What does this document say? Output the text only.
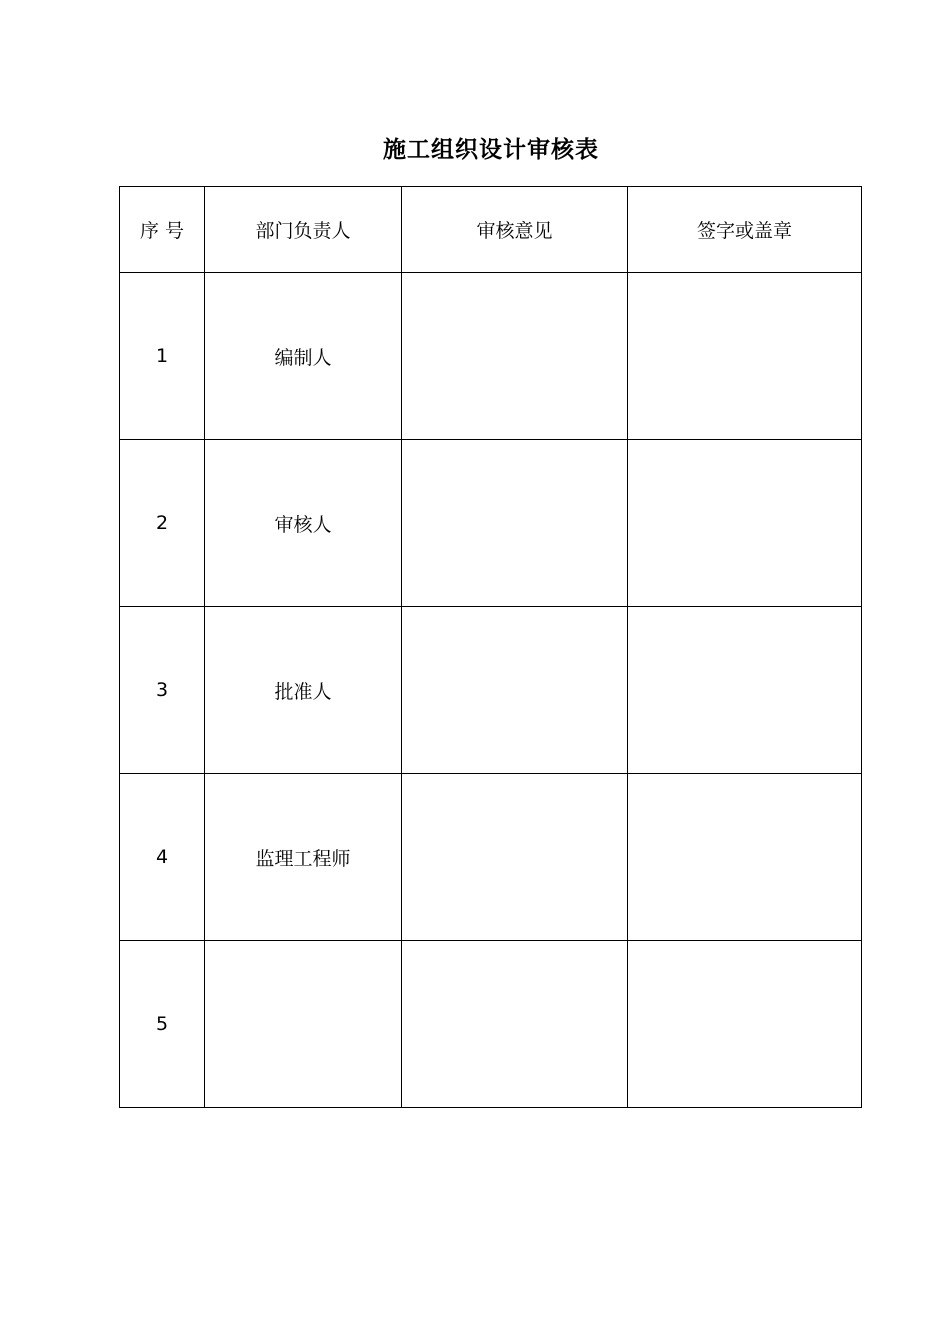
施工组织设计审核表
序 号	部门负责人	审核意见	签字或盖章
1	编制人		
2	审核人		
3	批准人		
4	监理工程师		
5			
